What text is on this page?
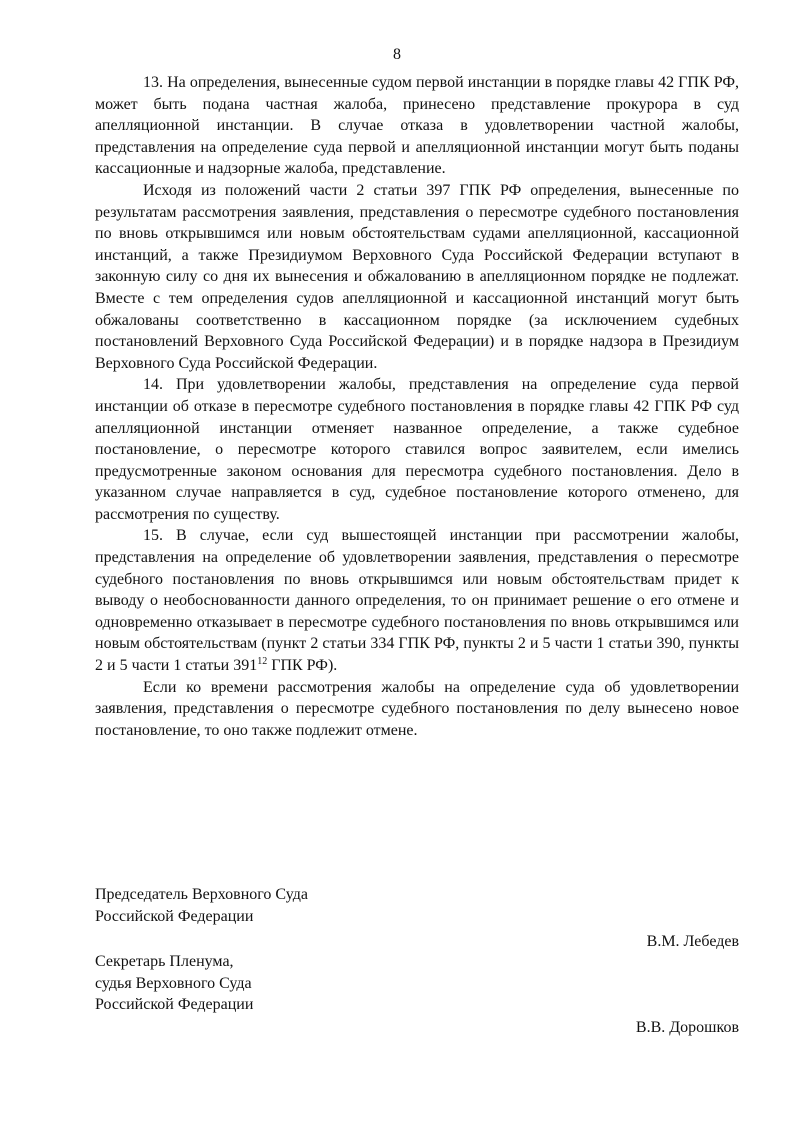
8

13. На определения, вынесенные судом первой инстанции в порядке главы 42 ГПК РФ, может быть подана частная жалоба, принесено представление прокурора в суд апелляционной инстанции. В случае отказа в удовлетворении частной жалобы, представления на определение суда первой и апелляционной инстанции могут быть поданы кассационные и надзорные жалоба, представление.

Исходя из положений части 2 статьи 397 ГПК РФ определения, вынесенные по результатам рассмотрения заявления, представления о пересмотре судебного постановления по вновь открывшимся или новым обстоятельствам судами апелляционной, кассационной инстанций, а также Президиумом Верховного Суда Российской Федерации вступают в законную силу со дня их вынесения и обжалованию в апелляционном порядке не подлежат. Вместе с тем определения судов апелляционной и кассационной инстанций могут быть обжалованы соответственно в кассационном порядке (за исключением судебных постановлений Верховного Суда Российской Федерации) и в порядке надзора в Президиум Верховного Суда Российской Федерации.

14. При удовлетворении жалобы, представления на определение суда первой инстанции об отказе в пересмотре судебного постановления в порядке главы 42 ГПК РФ суд апелляционной инстанции отменяет названное определение, а также судебное постановление, о пересмотре которого ставился вопрос заявителем, если имелись предусмотренные законом основания для пересмотра судебного постановления. Дело в указанном случае направляется в суд, судебное постановление которого отменено, для рассмотрения по существу.

15. В случае, если суд вышестоящей инстанции при рассмотрении жалобы, представления на определение об удовлетворении заявления, представления о пересмотре судебного постановления по вновь открывшимся или новым обстоятельствам придет к выводу о необоснованности данного определения, то он принимает решение о его отмене и одновременно отказывает в пересмотре судебного постановления по вновь открывшимся или новым обстоятельствам (пункт 2 статьи 334 ГПК РФ, пункты 2 и 5 части 1 статьи 390, пункты 2 и 5 части 1 статьи $391^{12}$ ГПК РФ).

Если ко времени рассмотрения жалобы на определение суда об удовлетворении заявления, представления о пересмотре судебного постановления по делу вынесено новое постановление, то оно также подлежит отмене.

Председатель Верховного Суда
Российской Федерации
В.М. Лебедев
Секретарь Пленума,
судья Верховного Суда
Российской Федерации
В.В. Дорошков
